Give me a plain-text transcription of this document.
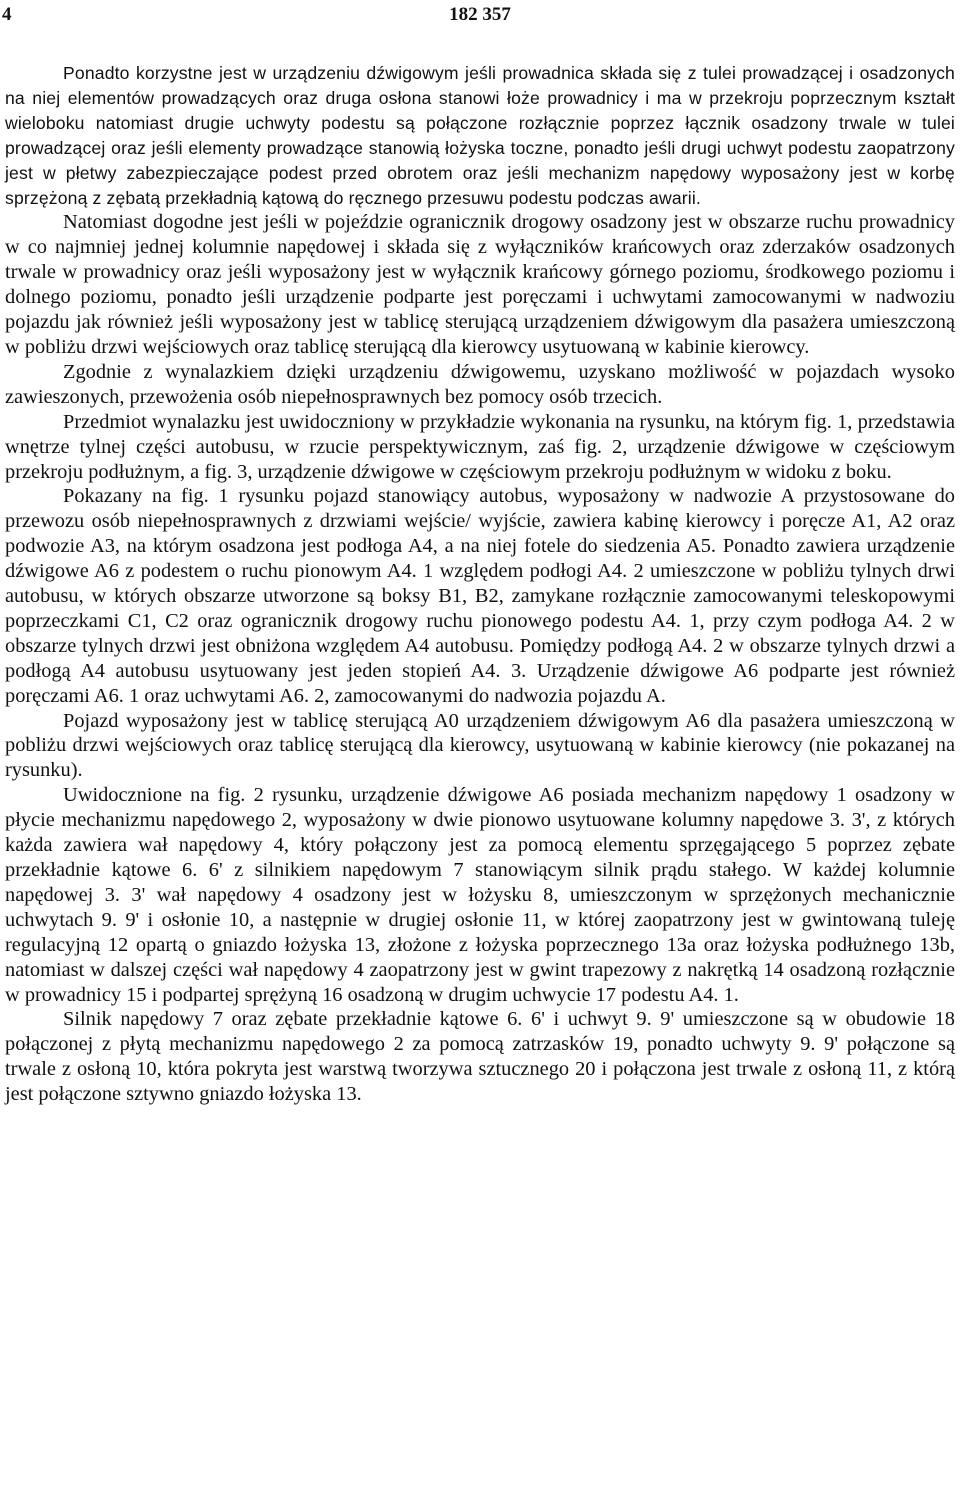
4	182 357

Ponadto korzystne jest w urządzeniu dźwigowym jeśli prowadnica składa się z tulei prowadzącej i osadzonych na niej elementów prowadzących oraz druga osłona stanowi łoże prowadnicy i ma w przekroju poprzecznym kształt wieloboku natomiast drugie uchwyty podestu są połączone rozłącznie poprzez łącznik osadzony trwale w tulei prowadzącej oraz jeśli elementy prowadzące stanowią łożyska toczne, ponadto jeśli drugi uchwyt podestu zaopatrzony jest w płetwy zabezpieczające podest przed obrotem oraz jeśli mechanizm napędowy wyposażony jest w korbę sprzężoną z zębatą przekładnią kątową do ręcznego przesuwu podestu podczas awarii.

Natomiast dogodne jest jeśli w pojeździe ogranicznik drogowy osadzony jest w obszarze ruchu prowadnicy w co najmniej jednej kolumnie napędowej i składa się z wyłączników krańcowych oraz zderzaków osadzonych trwale w prowadnicy oraz jeśli wyposażony jest w wyłącznik krańcowy górnego poziomu, środkowego poziomu i dolnego poziomu, ponadto jeśli urządzenie podparte jest poręczami i uchwytami zamocowanymi w nadwoziu pojazdu jak również jeśli wyposażony jest w tablicę sterującą urządzeniem dźwigowym dla pasażera umieszczoną w pobliżu drzwi wejściowych oraz tablicę sterującą dla kierowcy usytuowaną w kabinie kierowcy.

Zgodnie z wynalazkiem dzięki urządzeniu dźwigowemu, uzyskano możliwość w pojazdach wysoko zawieszonych, przewożenia osób niepełnosprawnych bez pomocy osób trzecich.

Przedmiot wynalazku jest uwidoczniony w przykładzie wykonania na rysunku, na którym fig. 1, przedstawia wnętrze tylnej części autobusu, w rzucie perspektywicznym, zaś fig. 2, urządzenie dźwigowe w częściowym przekroju podłużnym, a fig. 3, urządzenie dźwigowe w częściowym przekroju podłużnym w widoku z boku.

Pokazany na fig. 1 rysunku pojazd stanowiący autobus, wyposażony w nadwozie A przystosowane do przewozu osób niepełnosprawnych z drzwiami wejście/ wyjście, zawiera kabinę kierowcy i poręcze A1, A2 oraz podwozie A3, na którym osadzona jest podłoga A4, a na niej fotele do siedzenia A5. Ponadto zawiera urządzenie dźwigowe A6 z podestem o ruchu pionowym A4. 1 względem podłogi A4. 2 umieszczone w pobliżu tylnych drwi autobusu, w których obszarze utworzone są boksy B1, B2, zamykane rozłącznie zamocowanymi teleskopowymi poprzeczkami C1, C2 oraz ogranicznik drogowy ruchu pionowego podestu A4. 1, przy czym podłoga A4. 2 w obszarze tylnych drzwi jest obniżona względem A4 autobusu. Pomiędzy podłogą A4. 2 w obszarze tylnych drzwi a podłogą A4 autobusu usytuowany jest jeden stopień A4. 3. Urządzenie dźwigowe A6 podparte jest również poręczami A6. 1 oraz uchwytami A6. 2, zamocowanymi do nadwozia pojazdu A.

Pojazd wyposażony jest w tablicę sterującą A0 urządzeniem dźwigowym A6 dla pasażera umieszczoną w pobliżu drzwi wejściowych oraz tablicę sterującą dla kierowcy, usytuowaną w kabinie kierowcy (nie pokazanej na rysunku).

Uwidocznione na fig. 2 rysunku, urządzenie dźwigowe A6 posiada mechanizm napędowy 1 osadzony w płycie mechanizmu napędowego 2, wyposażony w dwie pionowo usytuowane kolumny napędowe 3. 3', z których każda zawiera wał napędowy 4, który połączony jest za pomocą elementu sprzęgającego 5 poprzez zębate przekładnie kątowe 6. 6' z silnikiem napędowym 7 stanowiącym silnik prądu stałego. W każdej kolumnie napędowej 3. 3' wał napędowy 4 osadzony jest w łożysku 8, umieszczonym w sprzężonych mechanicznie uchwytach 9. 9' i osłonie 10, a następnie w drugiej osłonie 11, w której zaopatrzony jest w gwintowaną tuleję regulacyjną 12 opartą o gniazdo łożyska 13, złożone z łożyska poprzecznego 13a oraz łożyska podłużnego 13b, natomiast w dalszej części wał napędowy 4 zaopatrzony jest w gwint trapezowy z nakrętką 14 osadzoną rozłącznie w prowadnicy 15 i podpartej sprężyną 16 osadzoną w drugim uchwycie 17 podestu A4. 1.

Silnik napędowy 7 oraz zębate przekładnie kątowe 6. 6' i uchwyt 9. 9' umieszczone są w obudowie 18 połączonej z płytą mechanizmu napędowego 2 za pomocą zatrzasków 19, ponadto uchwyty 9. 9' połączone są trwale z osłoną 10, która pokryta jest warstwą tworzywa sztucznego 20 i połączona jest trwale z osłoną 11, z którą jest połączone sztywno gniazdo łożyska 13.
